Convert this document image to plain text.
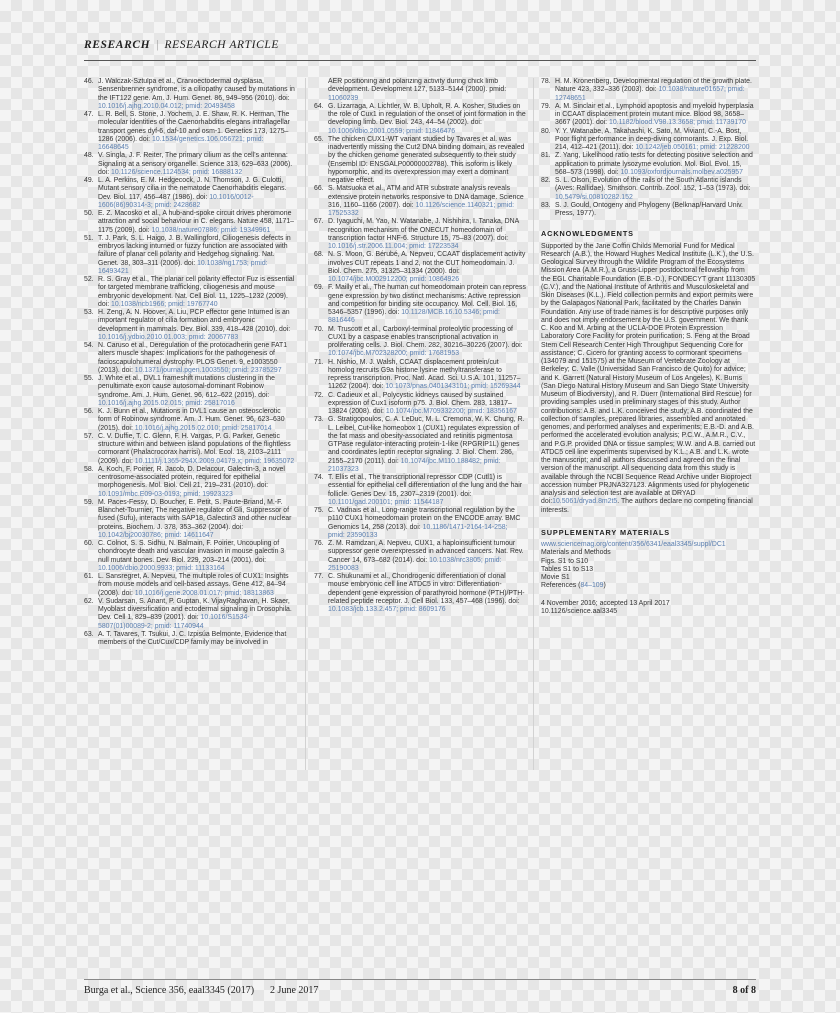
RESEARCH | RESEARCH ARTICLE

46. J. Walczak-Sztulpa et al., Cranioectodermal dysplasia, Sensenbrenner syndrome, is a ciliopathy caused by mutations in the IFT122 gene. Am. J. Hum. Genet. 86, 949–956 (2010). doi: 10.1016/j.ajhg.2010.04.012; pmid: 20493458

47. L. R. Bell, S. Stone, J. Yochem, J. E. Shaw, R. K. Herman, The molecular identities of the Caenorhabditis elegans intraflagellar transport genes dyf-6, daf-10 and osm-1. Genetics 173, 1275–1286 (2006). doi: 10.1534/genetics.106.056721; pmid: 16648645

48. V. Singla, J. F. Reiter, The primary cilium as the cell's antenna: Signaling at a sensory organelle. Science 313, 629–633 (2006). doi: 10.1126/science.1124534; pmid: 16888132

49. L. A. Perkins, E. M. Hedgecock, J. N. Thomson, J. G. Culotti, Mutant sensory cilia in the nematode Caenorhabditis elegans. Dev. Biol. 117, 456–487 (1986). doi: 10.1016/0012-1606(86)90314-3; pmid: 2428682

50. E. Z. Macosko et al., A hub-and-spoke circuit drives pheromone attraction and social behaviour in C. elegans. Nature 458, 1171–1175 (2009). doi: 10.1038/nature07886; pmid: 19349961

51. T. J. Park, S. L. Haigo, J. B. Wallingford, Ciliogenesis defects in embryos lacking inturned or fuzzy function are associated with failure of planar cell polarity and Hedgehog signaling. Nat. Genet. 38, 303–311 (2006). doi: 10.1038/ng1753; pmid: 16493421

52. R. S. Gray et al., The planar cell polarity effector Fuz is essential for targeted membrane trafficking, ciliogenesis and mouse embryonic development. Nat. Cell Biol. 11, 1225–1232 (2009). doi: 10.1038/ncb1966; pmid: 19767740

53. H. Zeng, A. N. Hoover, A. Liu, PCP effector gene Inturned is an important regulator of cilia formation and embryonic development in mammals. Dev. Biol. 339, 418–428 (2010). doi: 10.1016/j.ydbio.2010.01.003; pmid: 20067783

54. N. Caruso et al., Deregulation of the protocadherin gene FAT1 alters muscle shapes: Implications for the pathogenesis of facioscapulohumeral dystrophy. PLOS Genet. 9, e1003550 (2013). doi: 10.1371/journal.pgen.1003550; pmid: 23785297

55. J. White et al., DVL1 frameshift mutations clustering in the penultimate exon cause autosomal-dominant Robinow syndrome. Am. J. Hum. Genet. 96, 612–622 (2015). doi: 10.1016/j.ajhg.2015.02.015; pmid: 25817016

56. K. J. Bunn et al., Mutations in DVL1 cause an osteosclerotic form of Robinow syndrome. Am. J. Hum. Genet. 96, 623–630 (2015). doi: 10.1016/j.ajhg.2015.02.010; pmid: 25817014

57. C. V. Duffie, T. C. Glenn, F. H. Vargas, P. G. Parker, Genetic structure within and between island populations of the flightless cormorant (Phalacrocorax harrisi). Mol. Ecol. 18, 2103–2111 (2009). doi: 10.1111/j.1365-294X.2009.04179.x; pmid: 19635072

58. A. Koch, F. Poirier, R. Jacob, D. Delacour, Galectin-3, a novel centrosome-associated protein, required for epithelial morphogenesis. Mol. Biol. Cell 21, 219–231 (2010). doi: 10.1091/mbc.E09-03-0193; pmid: 19923323

59. M. Paces-Fessy, D. Boucher, E. Petit, S. Paute-Briand, M.-F. Blanchet-Tournier, The negative regulator of Gli, Suppressor of fused (Sufu), interacts with SAP18, Galectin3 and other nuclear proteins. Biochem. J. 378, 353–362 (2004). doi: 10.1042/bj20030786; pmid: 14611647

60. C. Colnot, S. S. Sidhu, N. Balmain, F. Poirier, Uncoupling of chondrocyte death and vascular invasion in mouse galectin 3 null mutant bones. Dev. Biol. 229, 203–214 (2001). doi: 10.1006/dbio.2000.9933; pmid: 11133164

61. L. Sansregret, A. Nepveu, The multiple roles of CUX1: Insights from mouse models and cell-based assays. Gene 412, 84–94 (2008). doi: 10.1016/j.gene.2008.01.017; pmid: 18313863

62. V. Sudarsan, S. Anant, P. Guptan, K. VijayRaghavan, H. Skaer, Myoblast diversification and ectodermal signaling in Drosophila. Dev. Cell 1, 829–839 (2001). doi: 10.1016/S1534-5807(01)00089-2; pmid: 11740944

63. A. T. Tavares, T. Tsukui, J. C. Izpisúa Belmonte, Evidence that members of the Cut/Cux/CDP family may be involved in

AER positioning and polarizing activity during chick limb development. Development 127, 5133–5144 (2000). pmid: 11060239

64. G. Lizarraga, A. Lichtler, W. B. Upholt, R. A. Kosher, Studies on the role of Cux1 in regulation of the onset of joint formation in the developing limb. Dev. Biol. 243, 44–54 (2002). doi: 10.1006/dbio.2001.0559; pmid: 11846476

65. The chicken CUX1-WT variant studied by Tavares et al. was inadvertently missing the Cut2 DNA binding domain, as revealed by the chicken genome generated subsequently to their study (Ensembl ID: ENSGALP00000002788). This isoform is likely hypomorphic, and its overexpression may exert a dominant negative effect.

66. S. Matsuoka et al., ATM and ATR substrate analysis reveals extensive protein networks responsive to DNA damage. Science 316, 1160–1166 (2007). doi: 10.1126/science.1140321; pmid: 17525332

67. D. Iyaguchi, M. Yao, N. Watanabe, J. Nishihira, I. Tanaka, DNA recognition mechanism of the ONECUT homeodomain of transcription factor HNF-6. Structure 15, 75–83 (2007). doi: 10.1016/j.str.2006.11.004; pmid: 17223534

68. N. S. Moon, G. Bérubé, A. Nepveu, CCAAT displacement activity involves CUT repeats 1 and 2, not the CUT homeodomain. J. Biol. Chem. 275, 31325–31334 (2000). doi: 10.1074/jbc.M002912200; pmid: 10864926

69. F. Mailly et al., The human cut homeodomain protein can repress gene expression by two distinct mechanisms: Active repression and competition for binding site occupancy. Mol. Cell. Biol. 16, 5346–5357 (1996). doi: 10.1128/MCB.16.10.5346; pmid: 8816446

70. M. Truscott et al., Carboxyl-terminal proteolytic processing of CUX1 by a caspase enables transcriptional activation in proliferating cells. J. Biol. Chem. 282, 30216–30226 (2007). doi: 10.1074/jbc.M702328200; pmid: 17681953

71. H. Nishio, M. J. Walsh, CCAAT displacement protein/cut homolog recruits G9a histone lysine methyltransferase to repress transcription. Proc. Natl. Acad. Sci. U.S.A. 101, 11257–11262 (2004). doi: 10.1073/pnas.0401343101; pmid: 15269344

72. C. Cadieux et al., Polycystic kidneys caused by sustained expression of Cux1 isoform p75. J. Biol. Chem. 283, 13817–13824 (2008). doi: 10.1074/jbc.M709332200; pmid: 18356167

73. G. Stratigopoulos, C. A. LeDuc, M. L. Cremona, W. K. Chung, R. L. Leibel, Cut-like homeobox 1 (CUX1) regulates expression of the fat mass and obesity-associated and retinitis pigmentosa GTPase regulator-interacting protein-1-like (RPGRIP1L) genes and coordinates leptin receptor signaling. J. Biol. Chem. 286, 2155–2170 (2011). doi: 10.1074/jbc.M110.188482; pmid: 21037323

74. T. Ellis et al., The transcriptional repressor CDP (Cutl1) is essential for epithelial cell differentiation of the lung and the hair follicle. Genes Dev. 15, 2307–2319 (2001). doi: 10.1101/gad.200101; pmid: 11544187

75. C. Vadnais et al., Long-range transcriptional regulation by the p110 CUX1 homeodomain protein on the ENCODE array. BMC Genomics 14, 258 (2013). doi: 10.1186/1471-2164-14-258; pmid: 23590133

76. Z. M. Ramdzan, A. Nepveu, CUX1, a haploinsufficient tumour suppressor gene overexpressed in advanced cancers. Nat. Rev. Cancer 14, 673–682 (2014). doi: 10.1038/nrc3805; pmid: 25190083

77. C. Shukunami et al., Chondrogenic differentiation of clonal mouse embryonic cell line ATDC5 in vitro: Differentiation-dependent gene expression of parathyroid hormone (PTH)/PTH-related peptide receptor. J. Cell Biol. 133, 457–468 (1996). doi: 10.1083/jcb.133.2.457; pmid: 8609176

78. H. M. Kronenberg, Developmental regulation of the growth plate. Nature 423, 332–336 (2003). doi: 10.1038/nature01657; pmid: 12748651

79. A. M. Sinclair et al., Lymphoid apoptosis and myeloid hyperplasia in CCAAT displacement protein mutant mice. Blood 98, 3658–3667 (2001). doi: 10.1182/blood.V98.13.3658; pmid: 11739170

80. Y. Y. Watanabe, A. Takahashi, K. Sato, M. Viviant, C.-A. Bost, Poor flight performance in deep-diving cormorants. J. Exp. Biol. 214, 412–421 (2011). doi: 10.1242/jeb.050161; pmid: 21228200

81. Z. Yang, Likelihood ratio tests for detecting positive selection and application to primate lysozyme evolution. Mol. Biol. Evol. 15, 568–573 (1998). doi: 10.1093/oxfordjournals.molbev.a025957

82. S. L. Olson, Evolution of the rails of the South Atlantic islands (Aves: Rallidae). Smithson. Contrib. Zool. 152, 1–53 (1973). doi: 10.5479/si.00810282.152

83. S. J. Gould, Ontogeny and Phylogeny (Belknap/Harvard Univ. Press, 1977).

ACKNOWLEDGMENTS

Supported by the Jane Coffin Childs Memorial Fund for Medical Research (A.B.), the Howard Hughes Medical Institute (L.K.), the U.S. Geological Survey through the Wildlife Program of the Ecosystems Mission Area (A.M.R.), a Gruss-Lipper postdoctoral fellowship from the EGL Charitable Foundation (E.B.-D.), FONDECYT grant 11130305 (C.V.), and the National Institute of Arthritis and Musculoskeletal and Skin Diseases (K.L.). Field collection permits and export permits were by the Galapagos National Park, facilitated by the Charles Darwin Foundation. Any use of trade names is for descriptive purposes only and does not imply endorsement by the U.S. government. We thank C. Koo and M. Arbing at the UCLA-DOE Protein Expression Laboratory Core Facility for protein purification; S. Feng at the Broad Stem Cell Research Center High Throughput Sequencing Core for assistance; C. Cicero for granting access to cormorant specimens (134079 and 151575) at the Museum of Vertebrate Zoology at Berkeley; C. Valle (Universidad San Francisco de Quito) for advice; and K. Garrett (Natural History Museum of Los Angeles), K. Burns (San Diego Natural History Museum and San Diego State University Museum of Biodiversity), and R. Duerr (International Bird Rescue) for providing samples used in preliminary stages of this study. Author contributions: A.B. and L.K. conceived the study; A.B. coordinated the collection of samples, prepared libraries, assembled and annotated genomes, and performed analyses and experiments; E.B.-D. and A.B. performed the accelerated evolution analysis; P.C.W., A.M.R., C.V., and P.G.P. provided DNA or tissue samples; W.W. and A.B. carried out ATDC5 cell line experiments supervised by K.L.; A.B. and L.K. wrote the manuscript; and all authors discussed and agreed on the final version of the manuscript. All sequencing data from this study is available through the NCBI Sequence Read Archive under Bioproject accession number PRJNA327123. Alignments used for phylogenetic analysis and selection test are available at DRYAD doi:10.5061/dryad.8m2t5. The authors declare no competing financial interests.

SUPPLEMENTARY MATERIALS

www.sciencemag.org/content/356/6341/eaal3345/suppl/DC1

Materials and Methods

Figs. S1 to S10

Tables S1 to S13

Movie S1

References (84–109)

4 November 2016; accepted 13 April 2017

10.1126/science.aal3345

Burga et al., Science 356, eaal3345 (2017) 2 June 2017	8 of 8
